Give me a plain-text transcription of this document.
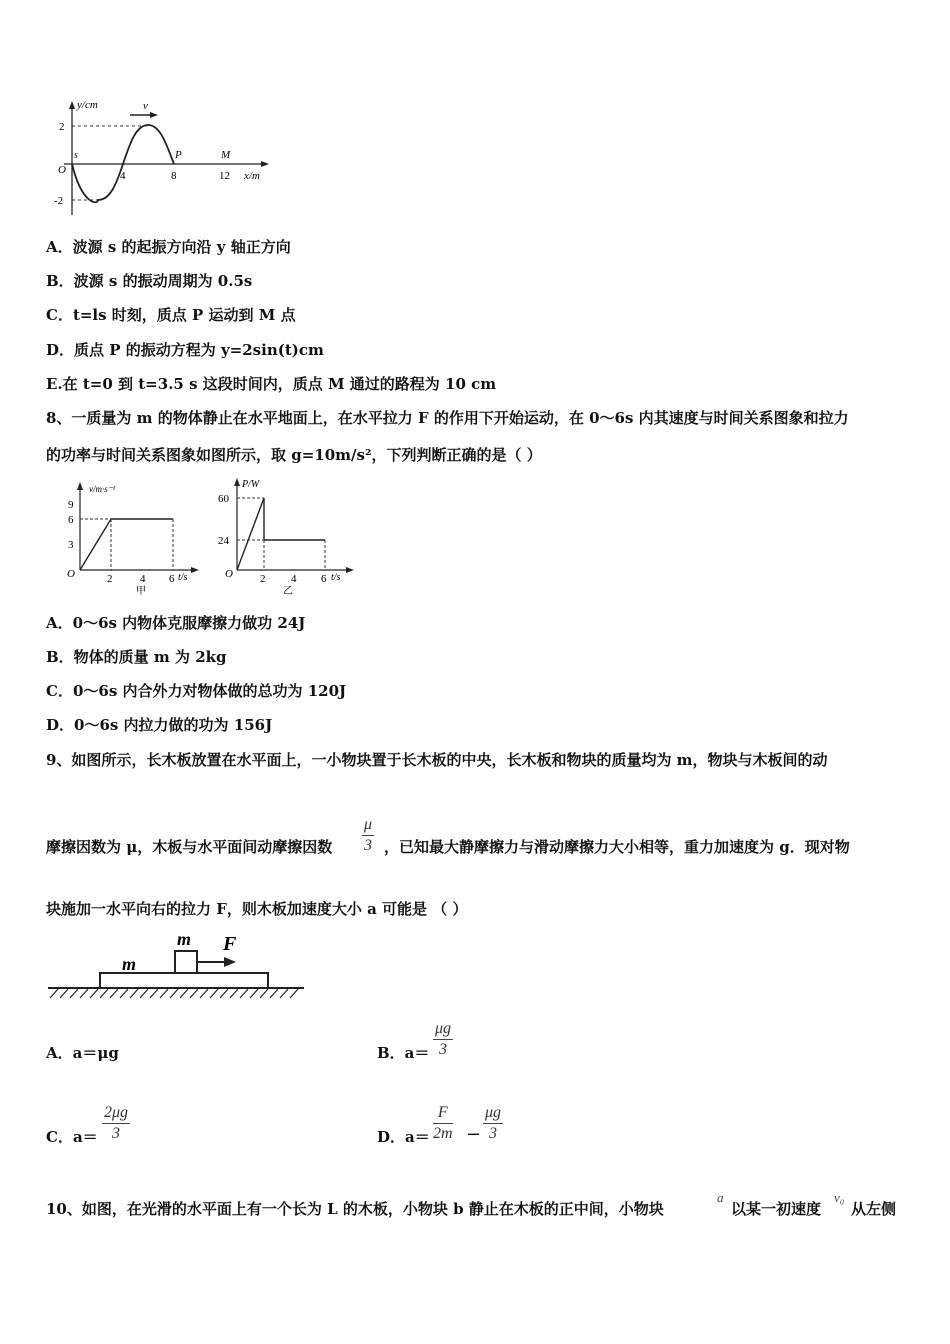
y/cm	v
2
-2
O
s
4	8	12
P	M
x/m
A．波源 s 的起振方向沿 y 轴正方向
B．波源 s 的振动周期为 0.5s
C．t=ls 时刻，质点 P 运动到 M 点
D．质点 P 的振动方程为 y=2sin(t)cm
E.在 t=0 到 t=3.5 s 这段时间内，质点 M 通过的路程为 10 cm
8、一质量为 m 的物体静止在水平地面上，在水平拉力 F 的作用下开始运动，在 0～6s 内其速度与时间关系图象和拉力
的功率与时间关系图象如图所示，取 g=10m/s²，下列判断正确的是（ ）
v/m·s⁻¹
9
6
3
O	2	4 6 t/s
甲
P/W
60
24
O 2 4 6 t/s
乙
A．0～6s 内物体克服摩擦力做功 24J
B．物体的质量 m 为 2kg
C．0～6s 内合外力对物体做的总功为 120J
D．0～6s 内拉力做的功为 156J
9、如图所示，长木板放置在水平面上，一小物块置于长木板的中央，长木板和物块的质量均为 m，物块与木板间的动
摩擦因数为 μ，木板与水平面间动摩擦因数 $\frac{\mu}{3}$ ，已知最大静摩擦力与滑动摩擦力大小相等，重力加速度为 g．现对物
块施加一水平向右的拉力 F，则木板加速度大小 a 可能是 （ ）
m F
m
A．a＝μg	B．$a= \frac{\mu g}{3}$
C．$a= \frac{2\mu g}{3}$	D．$a= \frac{F}{2m} - \frac{\mu g}{3}$
10、如图，在光滑的水平面上有一个长为 L 的木板，小物块 b 静止在木板的正中间，小物块
a
以某一初速度
v₀
从左侧
